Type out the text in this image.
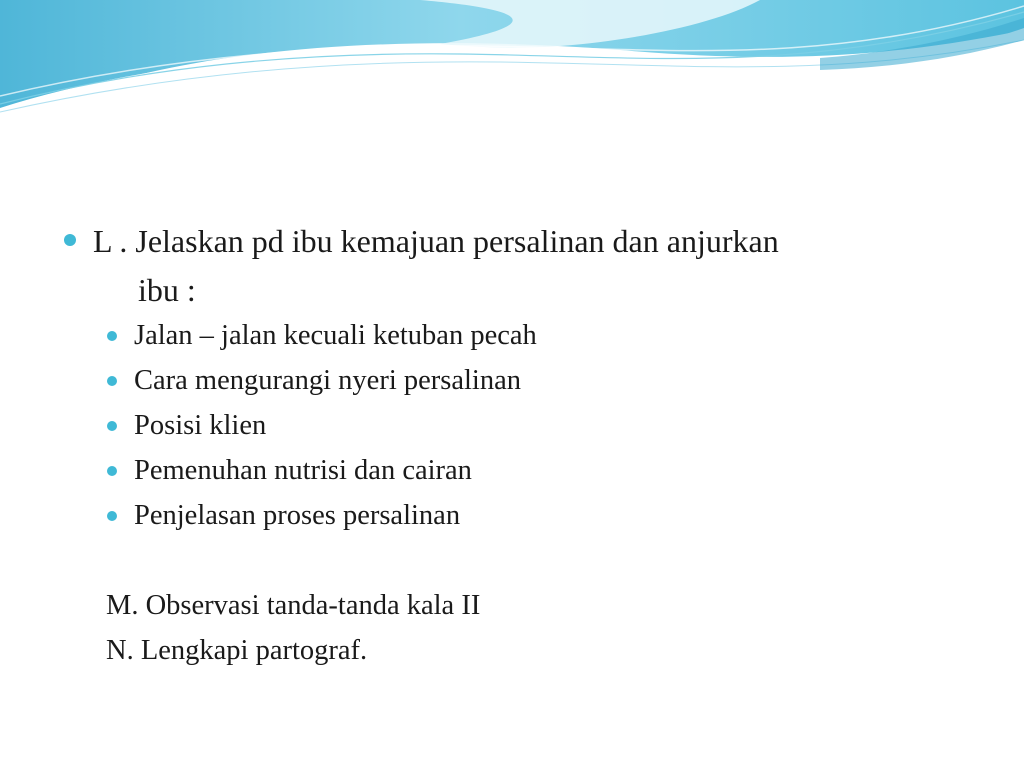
L . Jelaskan pd ibu kemajuan persalinan dan anjurkan
ibu :
Jalan – jalan kecuali ketuban pecah
Cara mengurangi nyeri persalinan
Posisi klien
Pemenuhan nutrisi dan cairan
Penjelasan proses persalinan
M. Observasi tanda-tanda kala II
N. Lengkapi partograf.
